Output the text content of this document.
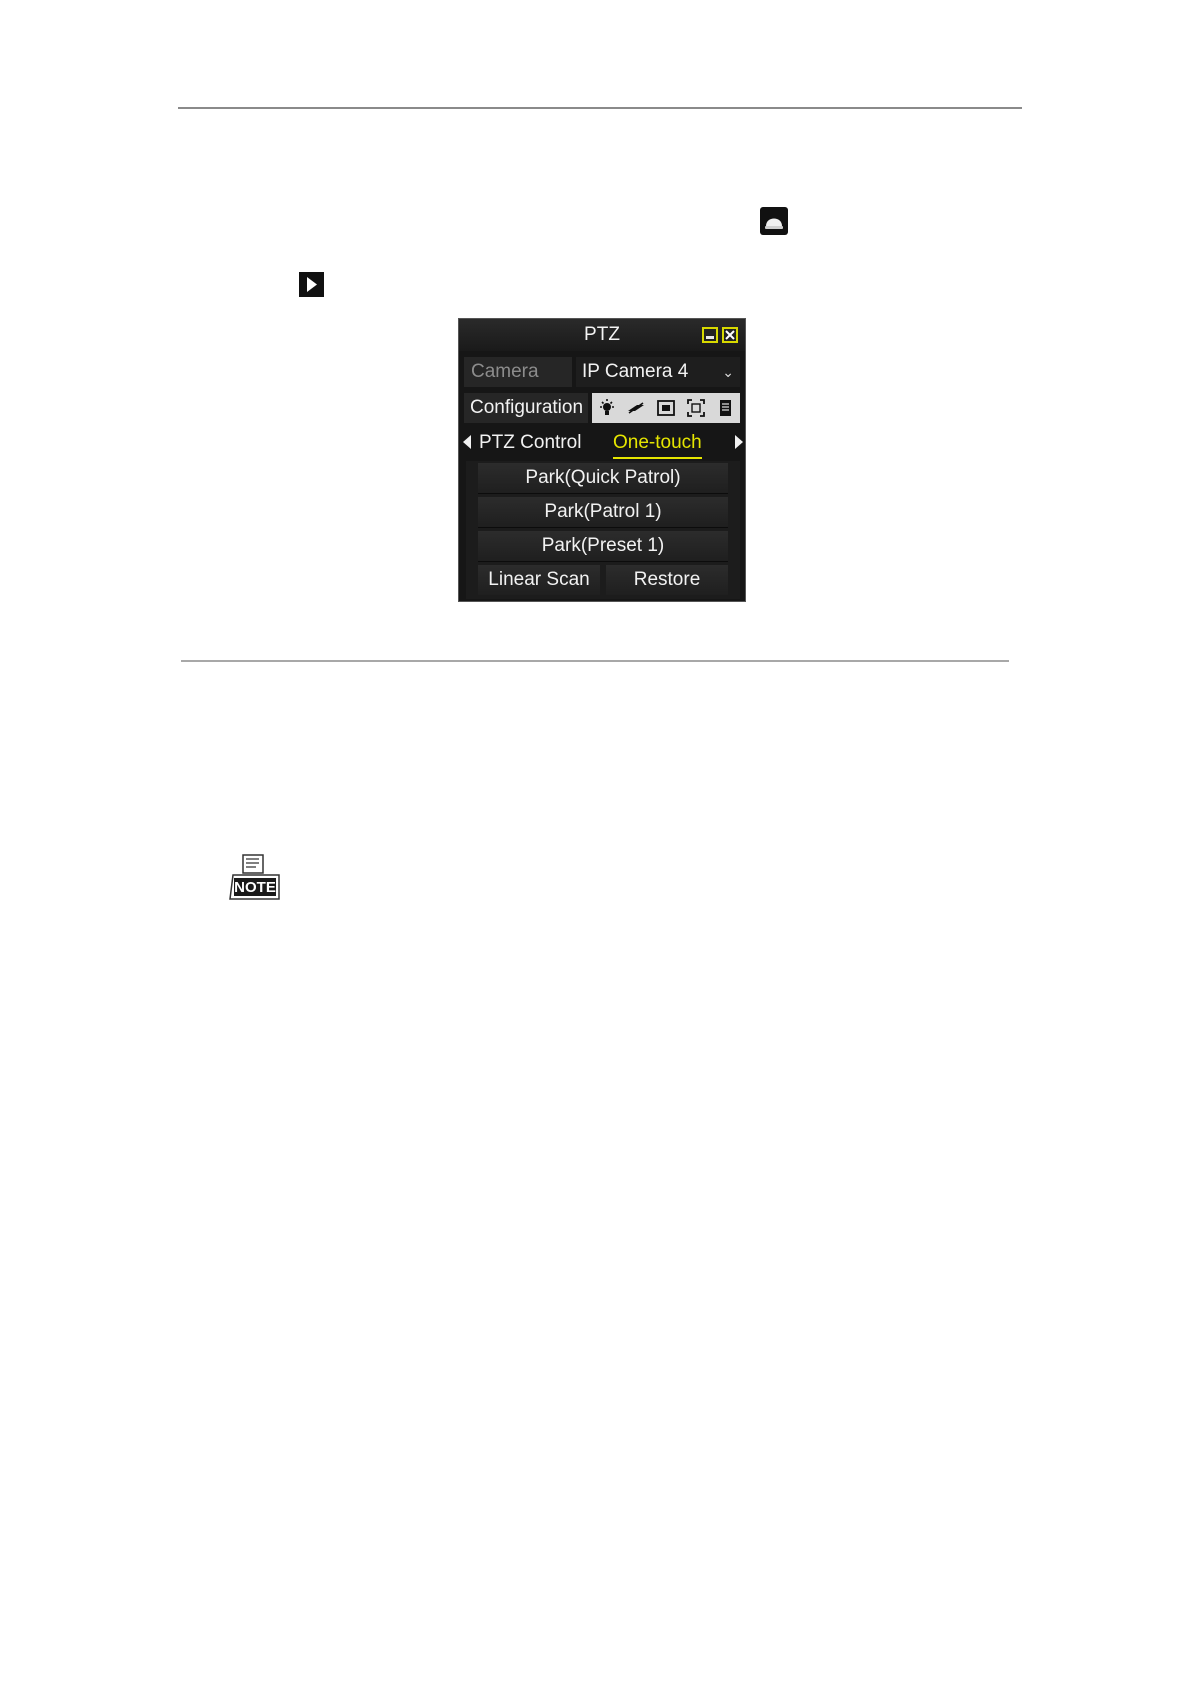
PTZ
Camera	IP Camera 4 ⌄
Configuration
PTZ Control One-touch
Park(Quick Patrol)
Park(Patrol 1)
Park(Preset 1)
Linear Scan	Restore
NOTE
